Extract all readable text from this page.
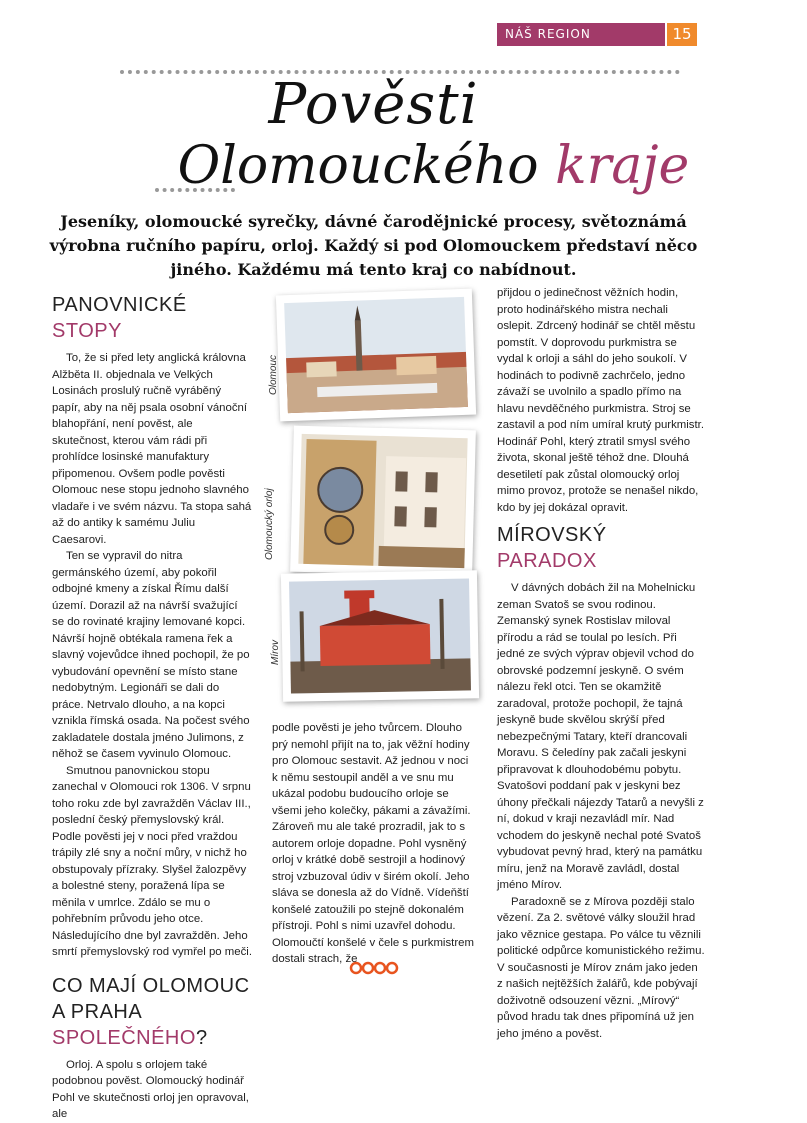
NÁŠ REGION	15
Pověsti
Olomouckého kraje
Jeseníky, olomoucké syrečky, dávné čarodějnické procesy, světoznámá výrobna ručního papíru, orloj. Každý si pod Olomouckem představí něco jiného. Každému má tento kraj co nabídnout.
PANOVNICKÉ STOPY

To, že si před lety anglická královna Alžběta II. objednala ve Velkých Losinách proslulý ručně vyráběný papír, aby na něj psala osobní vánoční blahopřání, není pověst, ale skutečnost, kterou vám rádi při prohlídce losinské manufaktury připomenou. Ovšem podle pověsti Olomouc nese stopu jednoho slavného vladaře i ve svém názvu. Ta stopa sahá až do antiky k samému Juliu Caesarovi.

Ten se vypravil do nitra germánského území, aby pokořil odbojné kmeny a získal Římu další území. Dorazil až na návrší svažující se do rovinaté krajiny lemované kopci. Návrší hojně obtékala ramena řek a slavný vojevůdce ihned pochopil, že po vybudování opevnění se místo stane nedobytným. Legionáři se dali do práce. Netrvalo dlouho, a na kopci vznikla římská osada. Na počest svého zakladatele dostala jméno Julimons, z něhož se časem vyvinulo Olomouc.

Smutnou panovnickou stopu zanechal v Olomouci rok 1306. V srpnu toho roku zde byl zavražděn Václav III., poslední český přemyslovský král. Podle pověsti jej v noci před vraždou trápily zlé sny a noční můry, v nichž ho obstupovaly přízraky. Slyšel žalozpěvy a bolestné steny, poražená lípa se měnila v umrlce. Zdálo se mu o pohřebním průvodu jeho otce. Následujícího dne byl zavražděn. Jeho smrtí přemyslovský rod vymřel po meči.

CO MAJÍ OLOMOUC A PRAHA SPOLEČNÉHO?

Orloj. A spolu s orlojem také podobnou pověst. Olomoucký hodinář Pohl ve skutečnosti orloj jen opravoval, ale

Olomouc
Olomoucký orloj
Mírov

podle pověsti je jeho tvůrcem. Dlouho prý nemohl přijít na to, jak věžní hodiny pro Olomouc sestavit. Až jednou v noci k němu sestoupil anděl a ve snu mu ukázal podobu budoucího orloje se všemi jeho kolečky, pákami a závažími. Zároveň mu ale také prozradil, jak to s autorem orloje dopadne. Pohl vysněný orloj v krátké době sestrojil a hodinový stroj vzbuzoval údiv v širém okolí. Jeho sláva se donesla až do Vídně. Vídeňští konšelé zatoužili po stejně dokonalém přístroji. Pohl s nimi uzavřel dohodu. Olomoučtí konšelé v čele s purkmistrem dostali strach, že

přijdou o jedinečnost věžních hodin, proto hodinářského mistra nechali oslepit. Zdrcený hodinář se chtěl městu pomstít. V doprovodu purkmistra se vydal k orloji a sáhl do jeho soukolí. V hodinách to podivně zachrčelo, jedno závaží se uvolnilo a spadlo přímo na hlavu nevděčného purkmistra. Stroj se zastavil a pod ním umíral krutý purkmistr. Hodinář Pohl, který ztratil smysl svého života, skonal ještě téhož dne. Dlouhá desetiletí pak zůstal olomoucký orloj mimo provoz, protože se nenašel nikdo, kdo by jej dokázal opravit.

MÍROVSKÝ PARADOX

V dávných dobách žil na Mohelnicku zeman Svatoš se svou rodinou. Zemanský synek Rostislav miloval přírodu a rád se toulal po lesích. Při jedné ze svých výprav objevil vchod do obrovské podzemní jeskyně. O svém nálezu řekl otci. Ten se okamžitě zaradoval, protože pochopil, že tajná jeskyně bude skvělou skrýší před nebezpečnými Tatary, kteří drancovali Moravu. S čeledíny pak začali jeskyni připravovat k dlouhodobému pobytu. Svatošovi poddaní pak v jeskyni bez úhony přečkali nájezdy Tatarů a nevyšli z ní, dokud v kraji nezavládl mír. Nad vchodem do jeskyně nechal poté Svatoš vybudovat pevný hrad, který na památku míru, jenž na Moravě zavládl, dostal jméno Mírov.

Paradoxně se z Mírova později stalo vězení. Za 2. světové války sloužil hrad jako věznice gestapa. Po válce tu věznili politické odpůrce komunistického režimu. V současnosti je Mírov znám jako jeden z našich nejtěžších žalářů, kde pobývají doživotně odsouzení vězni. „Mírový“ původ hradu tak dnes připomíná už jen jeho jméno a pověst.
